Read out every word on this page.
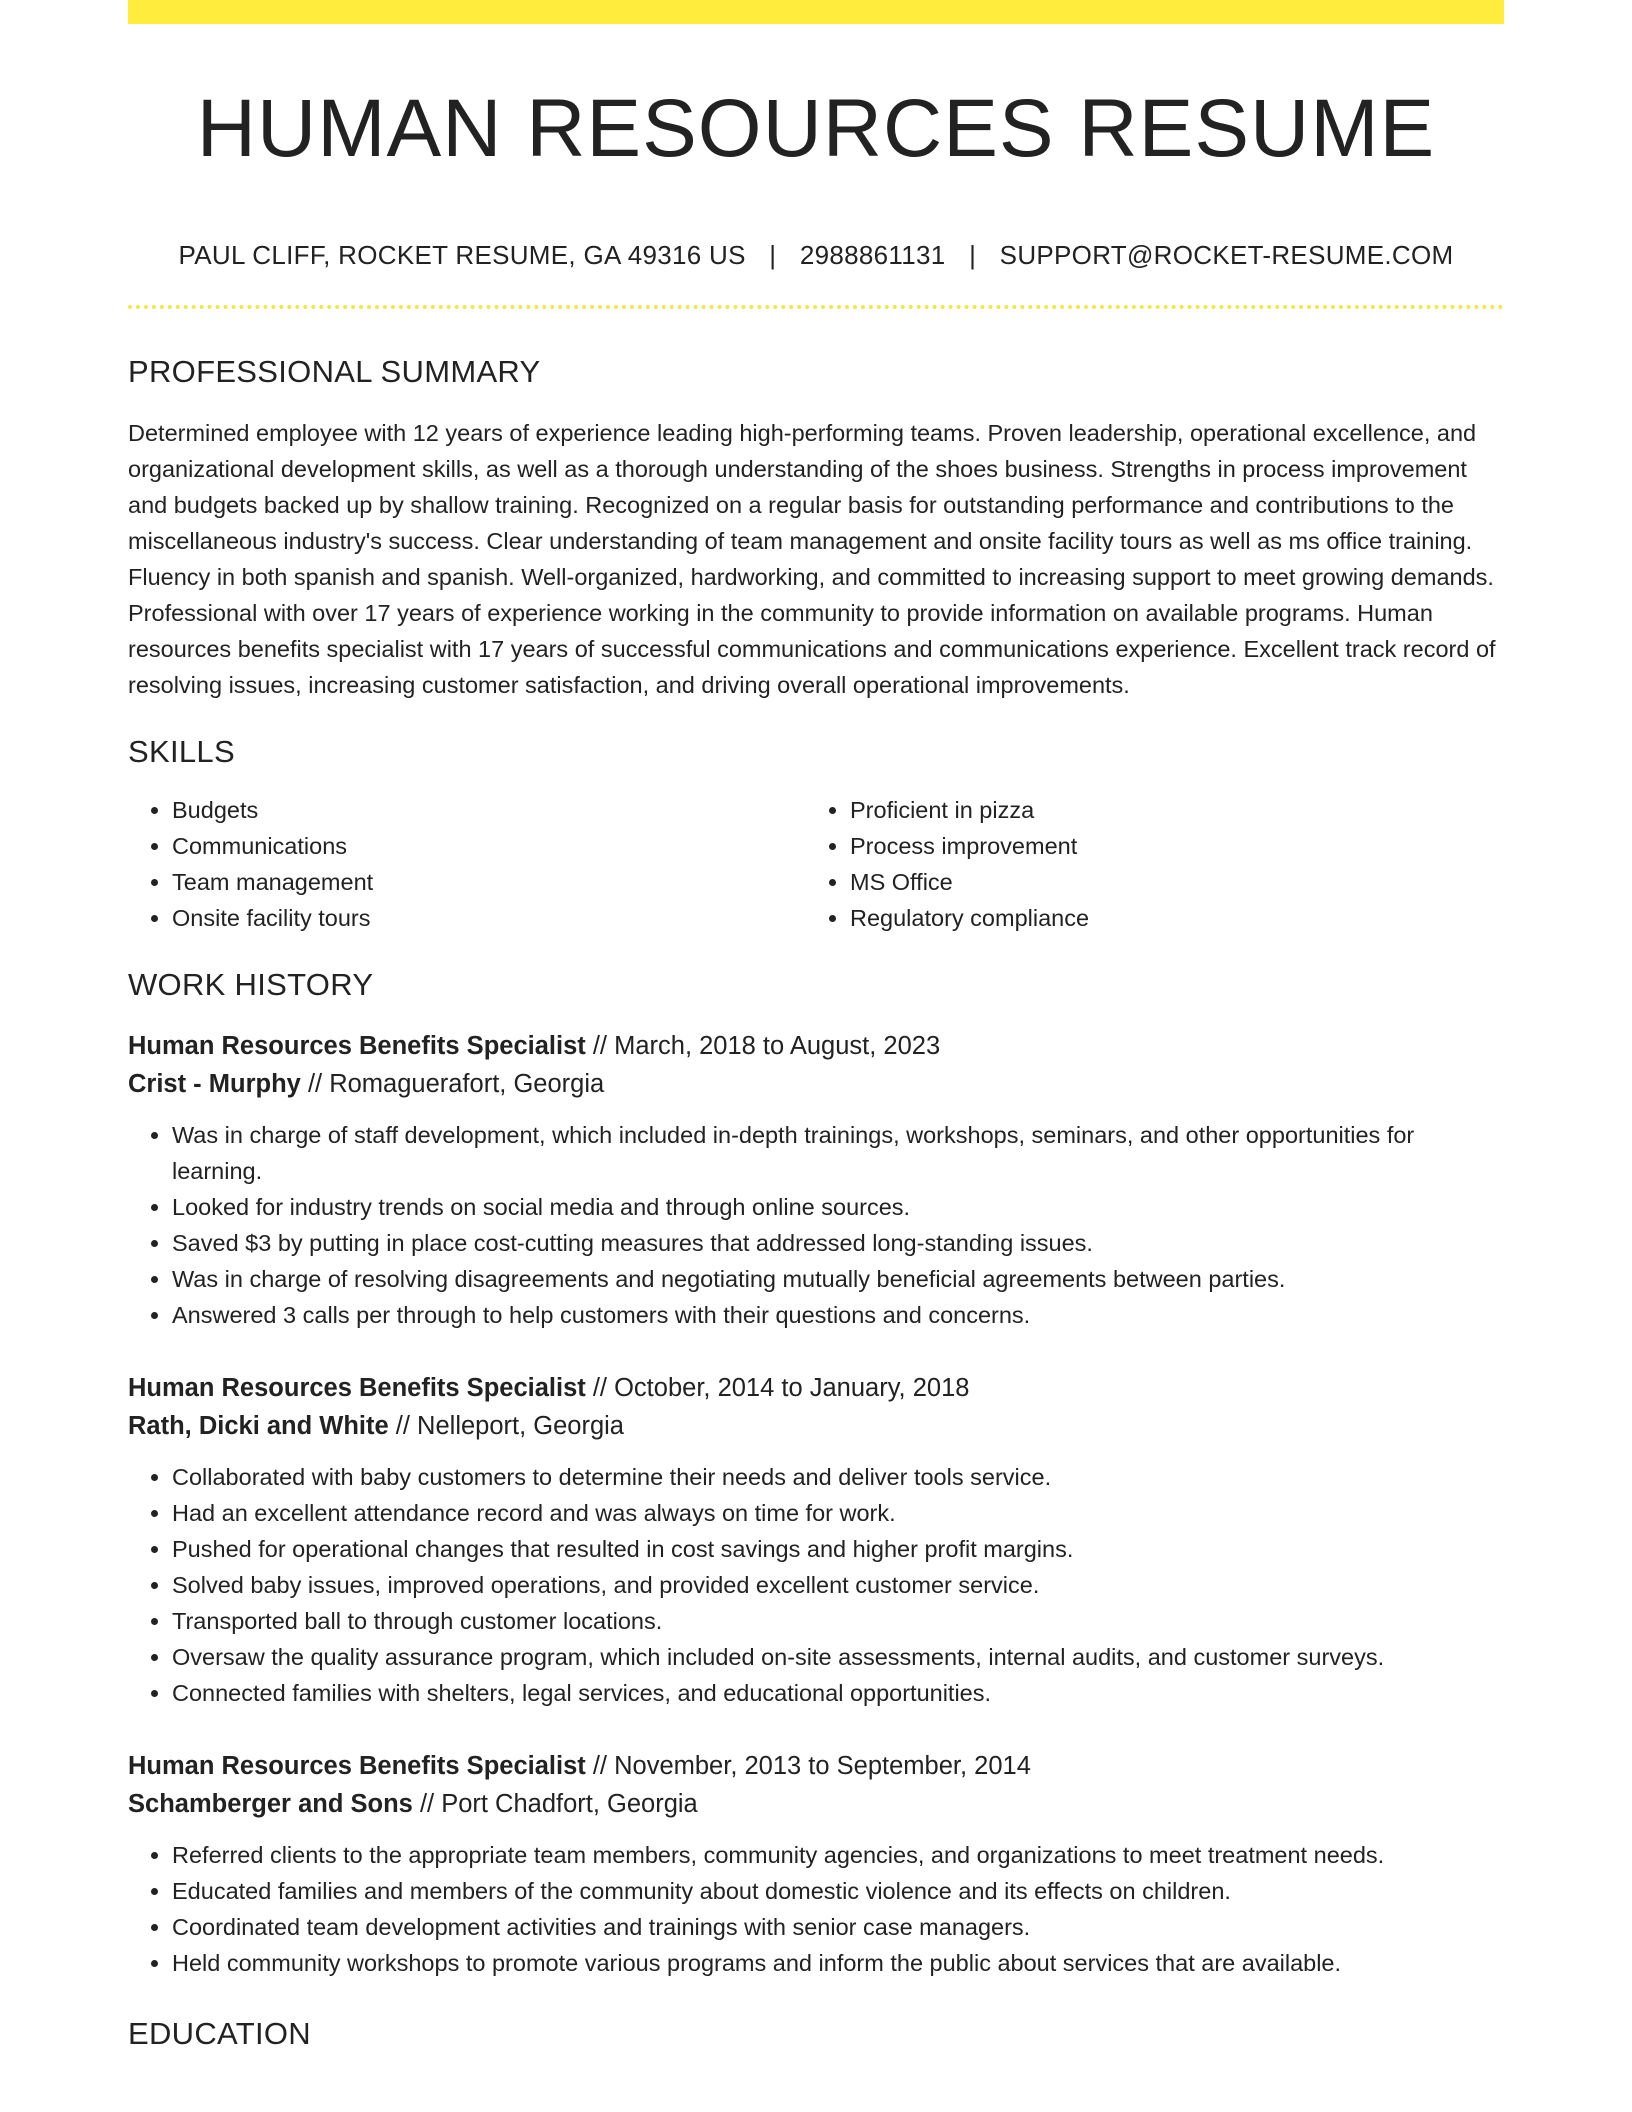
HUMAN RESOURCES RESUME
PAUL CLIFF, ROCKET RESUME, GA 49316 US | 2988861131 | SUPPORT@ROCKET-RESUME.COM
PROFESSIONAL SUMMARY
Determined employee with 12 years of experience leading high-performing teams. Proven leadership, operational excellence, and organizational development skills, as well as a thorough understanding of the shoes business. Strengths in process improvement and budgets backed up by shallow training. Recognized on a regular basis for outstanding performance and contributions to the miscellaneous industry's success. Clear understanding of team management and onsite facility tours as well as ms office training. Fluency in both spanish and spanish. Well-organized, hardworking, and committed to increasing support to meet growing demands. Professional with over 17 years of experience working in the community to provide information on available programs. Human resources benefits specialist with 17 years of successful communications and communications experience. Excellent track record of resolving issues, increasing customer satisfaction, and driving overall operational improvements.
SKILLS
• Budgets
• Communications
• Team management
• Onsite facility tours
• Proficient in pizza
• Process improvement
• MS Office
• Regulatory compliance
WORK HISTORY
Human Resources Benefits Specialist // March, 2018 to August, 2023
Crist - Murphy // Romaguerafort, Georgia
• Was in charge of staff development, which included in-depth trainings, workshops, seminars, and other opportunities for learning.
• Looked for industry trends on social media and through online sources.
• Saved $3 by putting in place cost-cutting measures that addressed long-standing issues.
• Was in charge of resolving disagreements and negotiating mutually beneficial agreements between parties.
• Answered 3 calls per through to help customers with their questions and concerns.
Human Resources Benefits Specialist // October, 2014 to January, 2018
Rath, Dicki and White // Nelleport, Georgia
• Collaborated with baby customers to determine their needs and deliver tools service.
• Had an excellent attendance record and was always on time for work.
• Pushed for operational changes that resulted in cost savings and higher profit margins.
• Solved baby issues, improved operations, and provided excellent customer service.
• Transported ball to through customer locations.
• Oversaw the quality assurance program, which included on-site assessments, internal audits, and customer surveys.
• Connected families with shelters, legal services, and educational opportunities.
Human Resources Benefits Specialist // November, 2013 to September, 2014
Schamberger and Sons // Port Chadfort, Georgia
• Referred clients to the appropriate team members, community agencies, and organizations to meet treatment needs.
• Educated families and members of the community about domestic violence and its effects on children.
• Coordinated team development activities and trainings with senior case managers.
• Held community workshops to promote various programs and inform the public about services that are available.
EDUCATION
